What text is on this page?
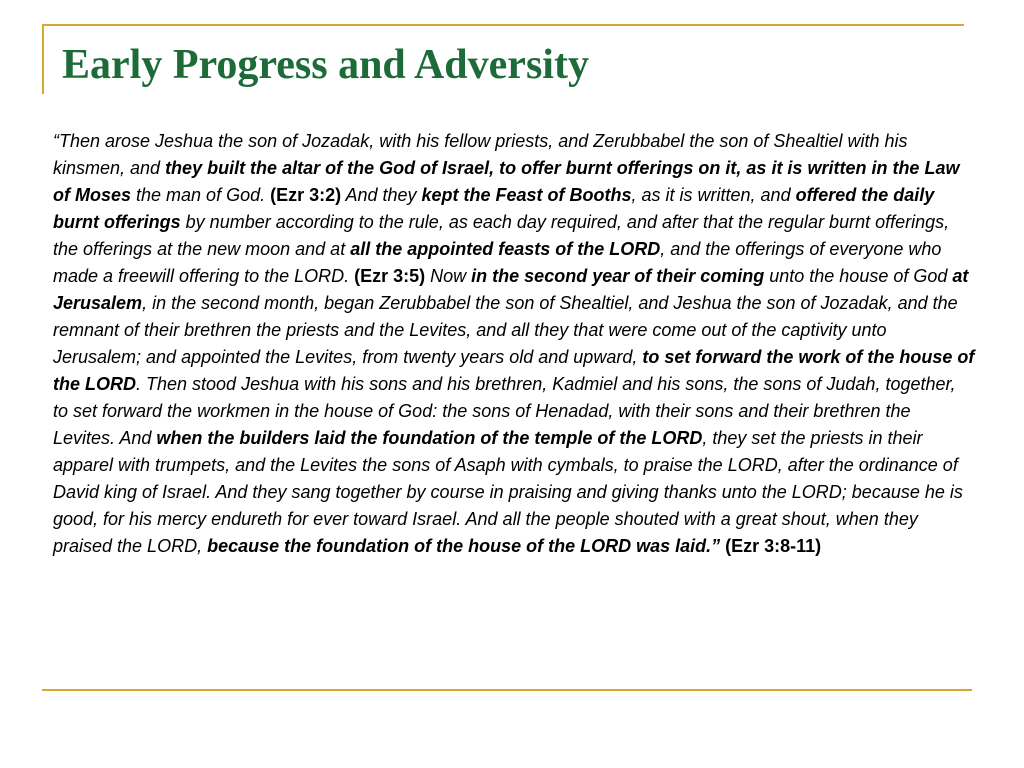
Early Progress and Adversity

“Then arose Jeshua the son of Jozadak, with his fellow priests, and Zerubbabel the son of Shealtiel with his kinsmen, and they built the altar of the God of Israel, to offer burnt offerings on it, as it is written in the Law of Moses the man of God. (Ezr 3:2) And they kept the Feast of Booths, as it is written, and offered the daily burnt offerings by number according to the rule, as each day required, and after that the regular burnt offerings, the offerings at the new moon and at all the appointed feasts of the LORD, and the offerings of everyone who made a freewill offering to the LORD. (Ezr 3:5) Now in the second year of their coming unto the house of God at Jerusalem, in the second month, began Zerubbabel the son of Shealtiel, and Jeshua the son of Jozadak, and the remnant of their brethren the priests and the Levites, and all they that were come out of the captivity unto Jerusalem; and appointed the Levites, from twenty years old and upward, to set forward the work of the house of the LORD. Then stood Jeshua with his sons and his brethren, Kadmiel and his sons, the sons of Judah, together, to set forward the workmen in the house of God: the sons of Henadad, with their sons and their brethren the Levites. And when the builders laid the foundation of the temple of the LORD, they set the priests in their apparel with trumpets, and the Levites the sons of Asaph with cymbals, to praise the LORD, after the ordinance of David king of Israel. And they sang together by course in praising and giving thanks unto the LORD; because he is good, for his mercy endureth for ever toward Israel. And all the people shouted with a great shout, when they praised the LORD, because the foundation of the house of the LORD was laid.” (Ezr 3:8-11)
